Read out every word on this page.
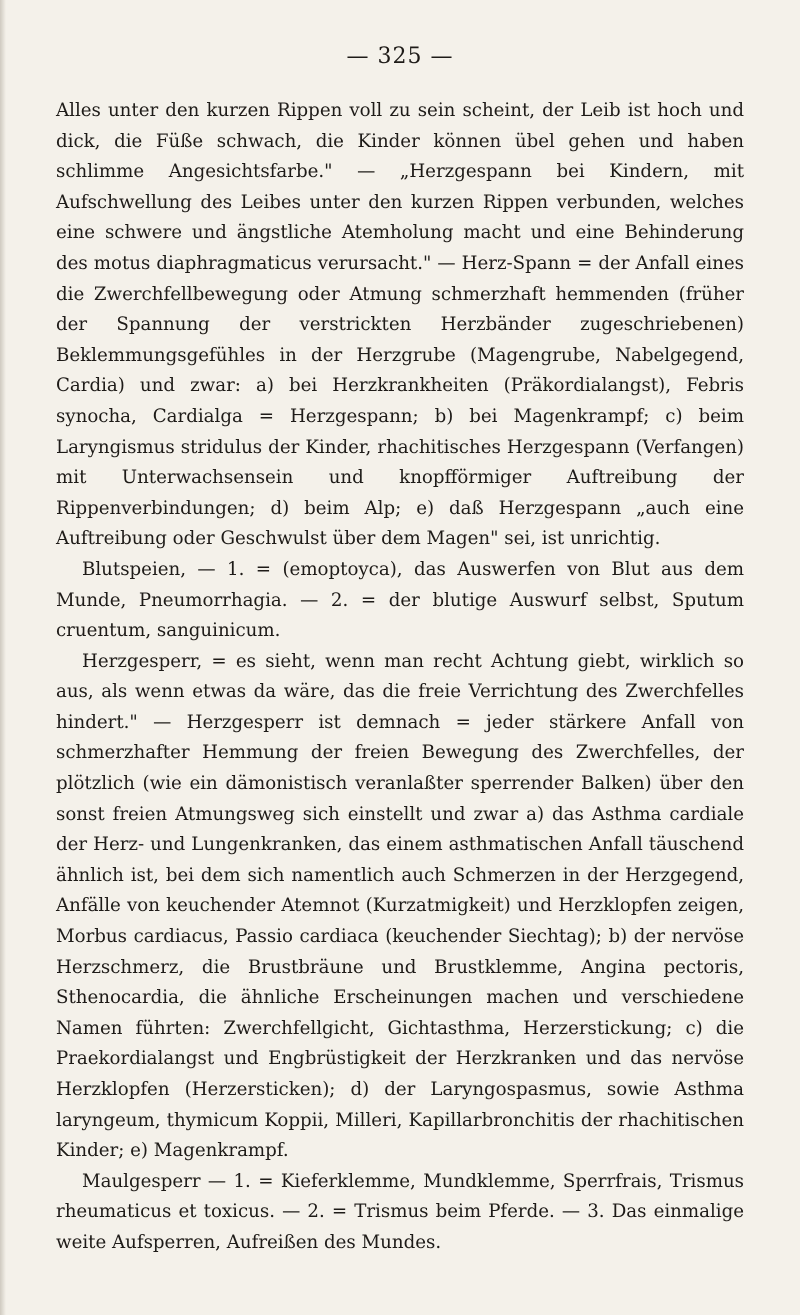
— 325 —

Alles unter den kurzen Rippen voll zu sein scheint, der Leib ist hoch und dick, die Füße schwach, die Kinder können übel gehen und haben schlimme Angesichtsfarbe." — „Herzgespann bei Kindern, mit Aufschwellung des Leibes unter den kurzen Rippen verbunden, welches eine schwere und ängstliche Atemholung macht und eine Behinderung des motus diaphragmaticus verursacht." — Herz-Spann = der Anfall eines die Zwerchfellbewegung oder Atmung schmerzhaft hemmenden (früher der Spannung der verstrickten Herzbänder zugeschriebenen) Beklemmungsgefühles in der Herzgrube (Magengrube, Nabelgegend, Cardia) und zwar: a) bei Herzkrankheiten (Präkordialangst), Febris synocha, Cardialga = Herzgespann; b) bei Magenkrampf; c) beim Laryngismus stridulus der Kinder, rhachitisches Herzgespann (Verfangen) mit Unterwachsensein und knopfförmiger Auftreibung der Rippenverbindungen; d) beim Alp; e) daß Herzgespann „auch eine Auftreibung oder Geschwulst über dem Magen" sei, ist unrichtig.

Blutspeien, — 1. = (emoptoyca), das Auswerfen von Blut aus dem Munde, Pneumorrhagia. — 2. = der blutige Auswurf selbst, Sputum cruentum, sanguinicum.

Herzgesperr, = es sieht, wenn man recht Achtung giebt, wirklich so aus, als wenn etwas da wäre, das die freie Verrichtung des Zwerchfelles hindert." — Herzgesperr ist demnach = jeder stärkere Anfall von schmerzhafter Hemmung der freien Bewegung des Zwerchfelles, der plötzlich (wie ein dämonistisch veranlaßter sperrender Balken) über den sonst freien Atmungsweg sich einstellt und zwar a) das Asthma cardiale der Herz- und Lungenkranken, das einem asthmatischen Anfall täuschend ähnlich ist, bei dem sich namentlich auch Schmerzen in der Herzgegend, Anfälle von keuchender Atemnot (Kurzatmigkeit) und Herzklopfen zeigen, Morbus cardiacus, Passio cardiaca (keuchender Siechtag); b) der nervöse Herzschmerz, die Brustbräune und Brustklemme, Angina pectoris, Sthenocardia, die ähnliche Erscheinungen machen und verschiedene Namen führten: Zwerchfellgicht, Gichtasthma, Herzerstickung; c) die Praekordialangst und Engbrüstigkeit der Herzkranken und das nervöse Herzklopfen (Herzersticken); d) der Laryngospasmus, sowie Asthma laryngeum, thymicum Koppii, Milleri, Kapillarbronchitis der rhachitischen Kinder; e) Magenkrampf.

Maulgesperr — 1. = Kieferklemme, Mundklemme, Sperrfrais, Trismus rheumaticus et toxicus. — 2. = Trismus beim Pferde. — 3. Das einmalige weite Aufsperren, Aufreißen des Mundes.
